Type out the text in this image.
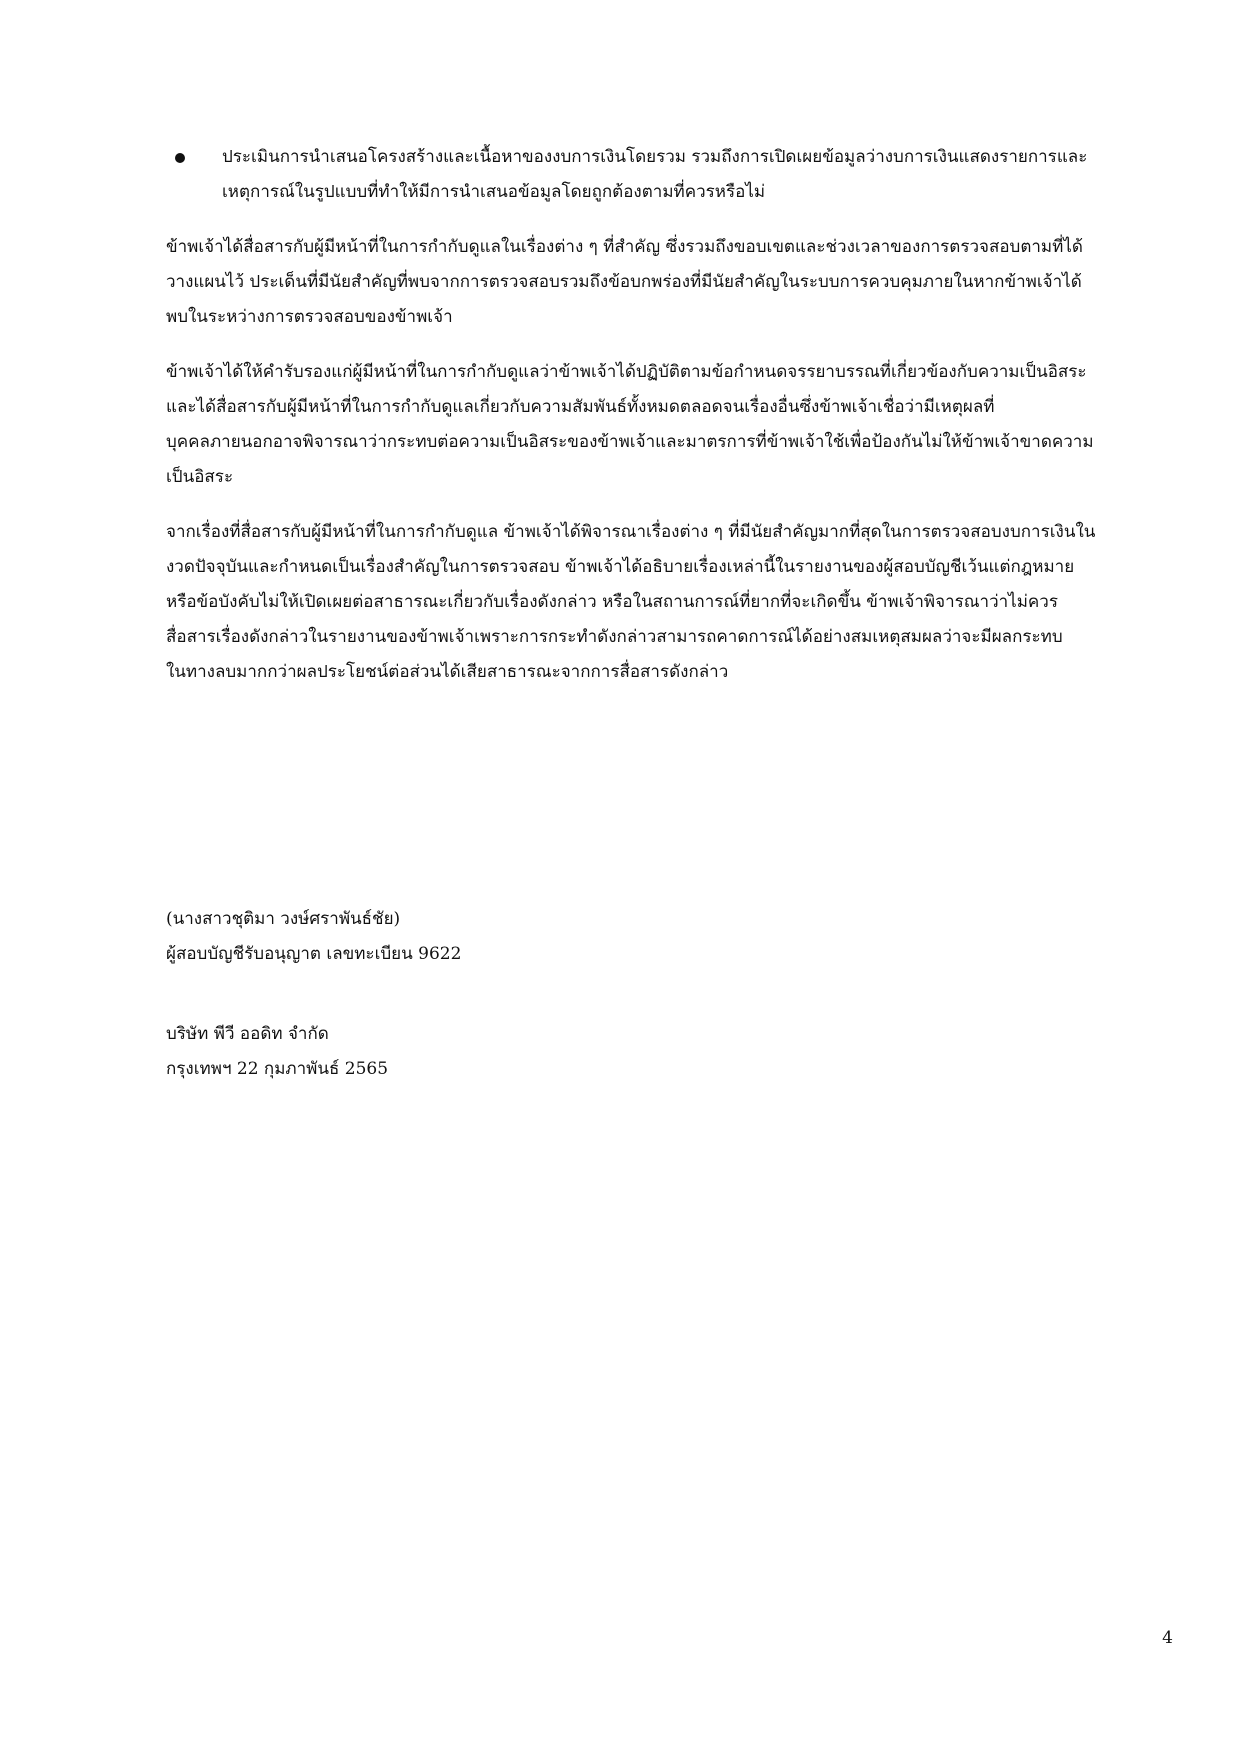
ประเมินการนำเสนอโครงสร้างและเนื้อหาของงบการเงินโดยรวม รวมถึงการเปิดเผยข้อมูลว่างบการเงินแสดงรายการและ
เหตุการณ์ในรูปแบบที่ทำให้มีการนำเสนอข้อมูลโดยถูกต้องตามที่ควรหรือไม่

ข้าพเจ้าได้สื่อสารกับผู้มีหน้าที่ในการกำกับดูแลในเรื่องต่าง ๆ ที่สำคัญ ซึ่งรวมถึงขอบเขตและช่วงเวลาของการตรวจสอบตามที่ได้

วางแผนไว้ ประเด็นที่มีนัยสำคัญที่พบจากการตรวจสอบรวมถึงข้อบกพร่องที่มีนัยสำคัญในระบบการควบคุมภายในหากข้าพเจ้าได้

พบในระหว่างการตรวจสอบของข้าพเจ้า

ข้าพเจ้าได้ให้คำรับรองแก่ผู้มีหน้าที่ในการกำกับดูแลว่าข้าพเจ้าได้ปฏิบัติตามข้อกำหนดจรรยาบรรณที่เกี่ยวข้องกับความเป็นอิสระ

และได้สื่อสารกับผู้มีหน้าที่ในการกำกับดูแลเกี่ยวกับความสัมพันธ์ทั้งหมดตลอดจนเรื่องอื่นซึ่งข้าพเจ้าเชื่อว่ามีเหตุผลที่

บุคคลภายนอกอาจพิจารณาว่ากระทบต่อความเป็นอิสระของข้าพเจ้าและมาตรการที่ข้าพเจ้าใช้เพื่อป้องกันไม่ให้ข้าพเจ้าขาดความ

เป็นอิสระ

จากเรื่องที่สื่อสารกับผู้มีหน้าที่ในการกำกับดูแล ข้าพเจ้าได้พิจารณาเรื่องต่าง ๆ ที่มีนัยสำคัญมากที่สุดในการตรวจสอบงบการเงินใน

งวดปัจจุบันและกำหนดเป็นเรื่องสำคัญในการตรวจสอบ ข้าพเจ้าได้อธิบายเรื่องเหล่านี้ในรายงานของผู้สอบบัญชีเว้นแต่กฎหมาย

หรือข้อบังคับไม่ให้เปิดเผยต่อสาธารณะเกี่ยวกับเรื่องดังกล่าว หรือในสถานการณ์ที่ยากที่จะเกิดขึ้น ข้าพเจ้าพิจารณาว่าไม่ควร

สื่อสารเรื่องดังกล่าวในรายงานของข้าพเจ้าเพราะการกระทำดังกล่าวสามารถคาดการณ์ได้อย่างสมเหตุสมผลว่าจะมีผลกระทบ

ในทางลบมากกว่าผลประโยชน์ต่อส่วนได้เสียสาธารณะจากการสื่อสารดังกล่าว

(นางสาวชุติมา วงษ์ศราพันธ์ชัย)

ผู้สอบบัญชีรับอนุญาต เลขทะเบียน 9622

บริษัท พีวี ออดิท จำกัด

กรุงเทพฯ 22 กุมภาพันธ์ 2565

4
